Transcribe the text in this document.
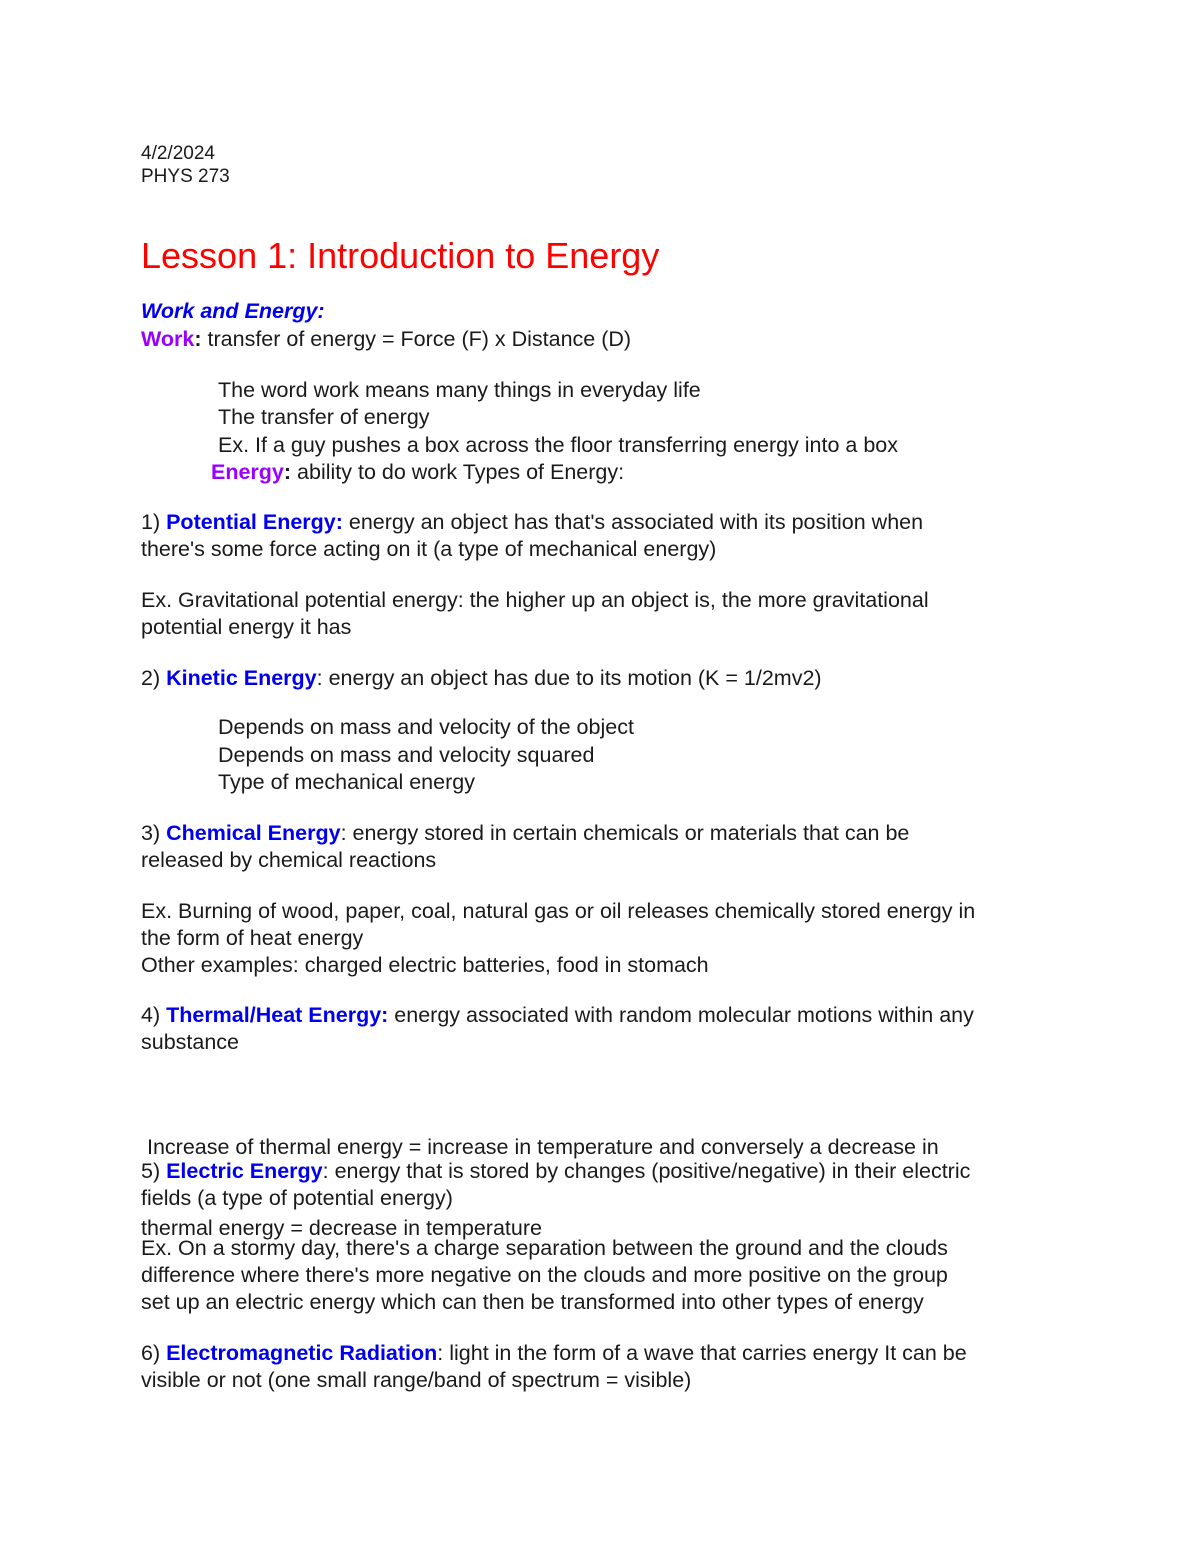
4/2/2024
PHYS 273
Lesson 1: Introduction to Energy
Work and Energy:
Work: transfer of energy = Force (F) x Distance (D)
The word work means many things in everyday life
The transfer of energy
Ex. If a guy pushes a box across the floor transferring energy into a box
Energy: ability to do work Types of Energy:
1) Potential Energy: energy an object has that's associated with its position when
there's some force acting on it (a type of mechanical energy)
Ex. Gravitational potential energy: the higher up an object is, the more gravitational
potential energy it has
2) Kinetic Energy: energy an object has due to its motion (K = 1/2mv2)
Depends on mass and velocity of the object
Depends on mass and velocity squared
Type of mechanical energy
3) Chemical Energy: energy stored in certain chemicals or materials that can be
released by chemical reactions
Ex. Burning of wood, paper, coal, natural gas or oil releases chemically stored energy in
the form of heat energy
Other examples: charged electric batteries, food in stomach
4) Thermal/Heat Energy: energy associated with random molecular motions within any
substance

Increase of thermal energy = increase in temperature and conversely a decrease in

thermal energy = decrease in temperature

5) Electric Energy: energy that is stored by changes (positive/negative) in their electric
fields (a type of potential energy)
Ex. On a stormy day, there's a charge separation between the ground and the clouds
difference where there's more negative on the clouds and more positive on the group
set up an electric energy which can then be transformed into other types of energy
6) Electromagnetic Radiation: light in the form of a wave that carries energy It can be
visible or not (one small range/band of spectrum = visible)
